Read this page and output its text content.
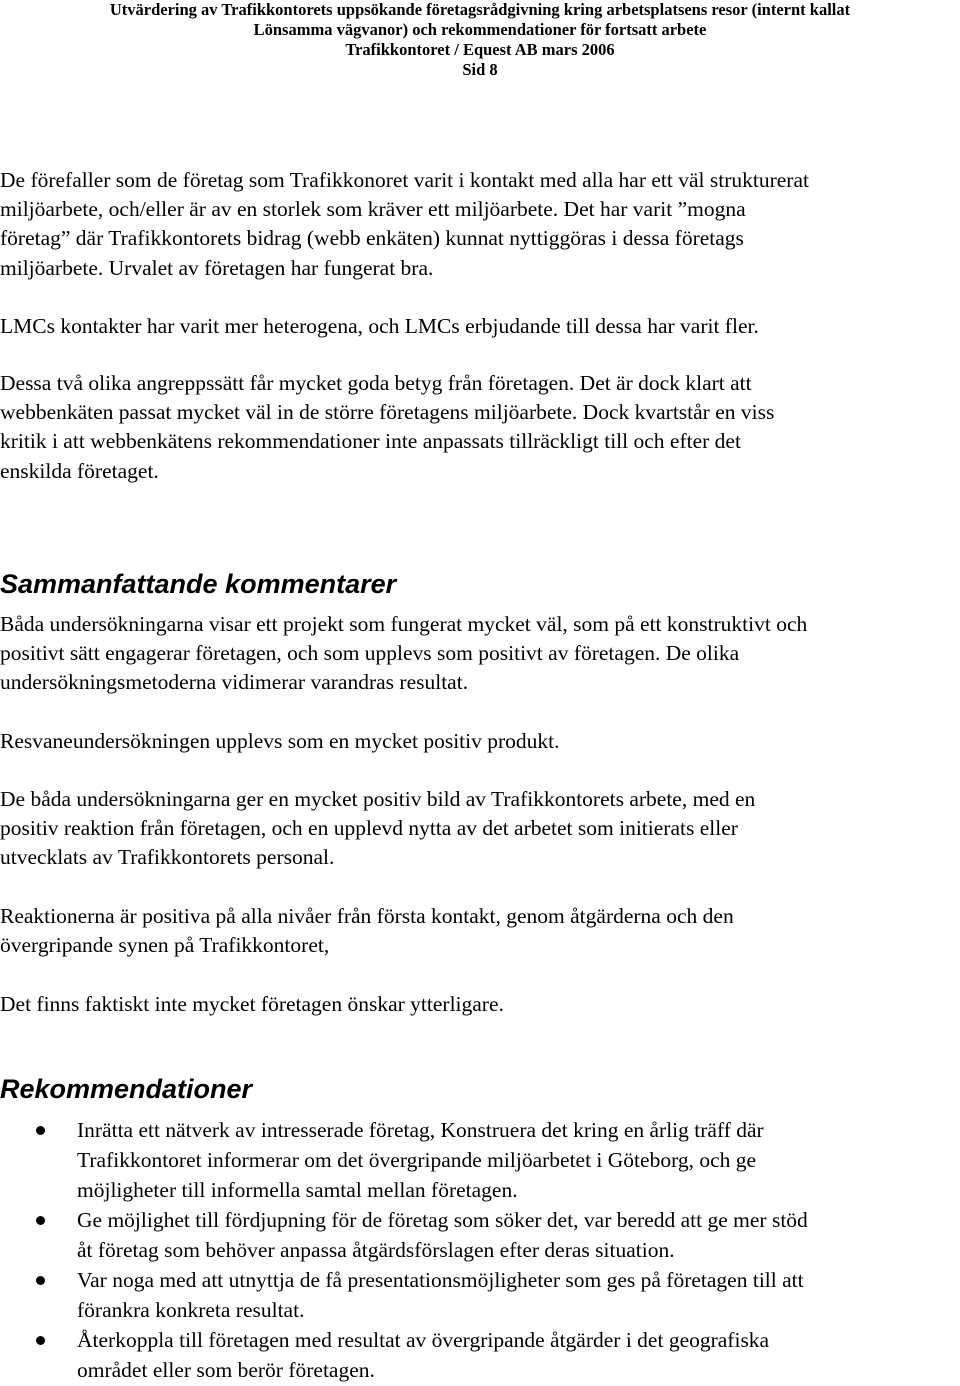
Utvärdering av Trafikkontorets uppsökande företagsrådgivning kring arbetsplatsens resor (internt kallat
Lönsamma vägvanor) och rekommendationer för fortsatt arbete
Trafikkontoret / Equest AB mars 2006
Sid 8
De förefaller som de företag som Trafikkonoret varit i kontakt med alla har ett väl strukturerat
miljöarbete, och/eller är av en storlek som kräver ett miljöarbete. Det har varit ”mogna
företag” där Trafikkontorets bidrag (webb enkäten) kunnat nyttiggöras i dessa företags
miljöarbete. Urvalet av företagen har fungerat bra.
LMCs kontakter har varit mer heterogena, och LMCs erbjudande till dessa har varit fler.
Dessa två olika angreppssätt får mycket goda betyg från företagen. Det är dock klart att
webbenkäten passat mycket väl in de större företagens miljöarbete. Dock kvartstår en viss
kritik i att webbenkätens rekommendationer inte anpassats tillräckligt till och efter det
enskilda företaget.
Sammanfattande kommentarer
Båda undersökningarna visar ett projekt som fungerat mycket väl, som på ett konstruktivt och
positivt sätt engagerar företagen, och som upplevs som positivt av företagen. De olika
undersökningsmetoderna vidimerar varandras resultat.
Resvaneundersökningen upplevs som en mycket positiv produkt.
De båda undersökningarna ger en mycket positiv bild av Trafikkontorets arbete, med en
positiv reaktion från företagen, och en upplevd nytta av det arbetet som initierats eller
utvecklats av Trafikkontorets personal.
Reaktionerna är positiva på alla nivåer från första kontakt, genom åtgärderna och den
övergripande synen på Trafikkontoret,
Det finns faktiskt inte mycket företagen önskar ytterligare.
Rekommendationer
Inrätta ett nätverk av intresserade företag, Konstruera det kring en årlig träff där
Trafikkontoret informerar om det övergripande miljöarbetet i Göteborg, och ge
möjligheter till informella samtal mellan företagen.
Ge möjlighet till fördjupning för de företag som söker det, var beredd att ge mer stöd
åt företag som behöver anpassa åtgärdsförslagen efter deras situation.
Var noga med att utnyttja de få presentationsmöjligheter som ges på företagen till att
förankra konkreta resultat.
Återkoppla till företagen med resultat av övergripande åtgärder i det geografiska
området eller som berör företagen.
